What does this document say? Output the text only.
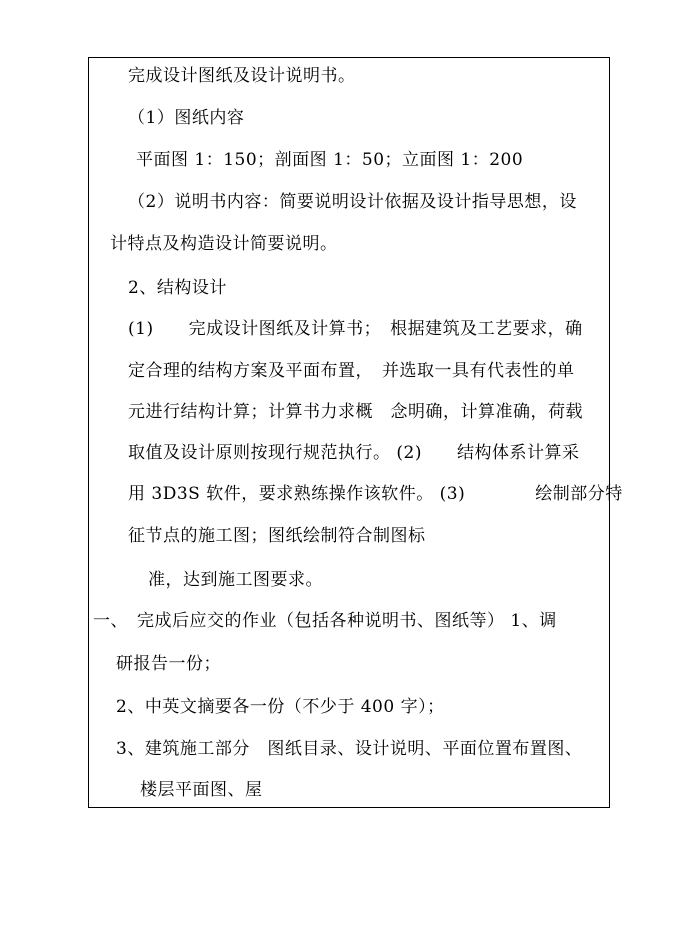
完成设计图纸及设计说明书。
（1）图纸内容
平面图 1：150；剖面图 1：50；立面图 1：200
（2）说明书内容：简要说明设计依据及设计指导思想，设
计特点及构造设计简要说明。
2、结构设计
(1)　　完成设计图纸及计算书；　根据建筑及工艺要求，确
定合理的结构方案及平面布置，　并选取一具有代表性的单
元进行结构计算；计算书力求概　念明确，计算准确，荷载
取值及设计原则按现行规范执行。 (2)　　结构体系计算采
用 3D3S 软件，要求熟练操作该软件。 (3)　　　　绘制部分特
征节点的施工图；图纸绘制符合制图标
准，达到施工图要求。
一、　完成后应交的作业（包括各种说明书、图纸等） 1、调
研报告一份；
2、中英文摘要各一份（不少于 400 字）；
3、建筑施工部分　图纸目录、设计说明、平面位置布置图、
楼层平面图、屋
